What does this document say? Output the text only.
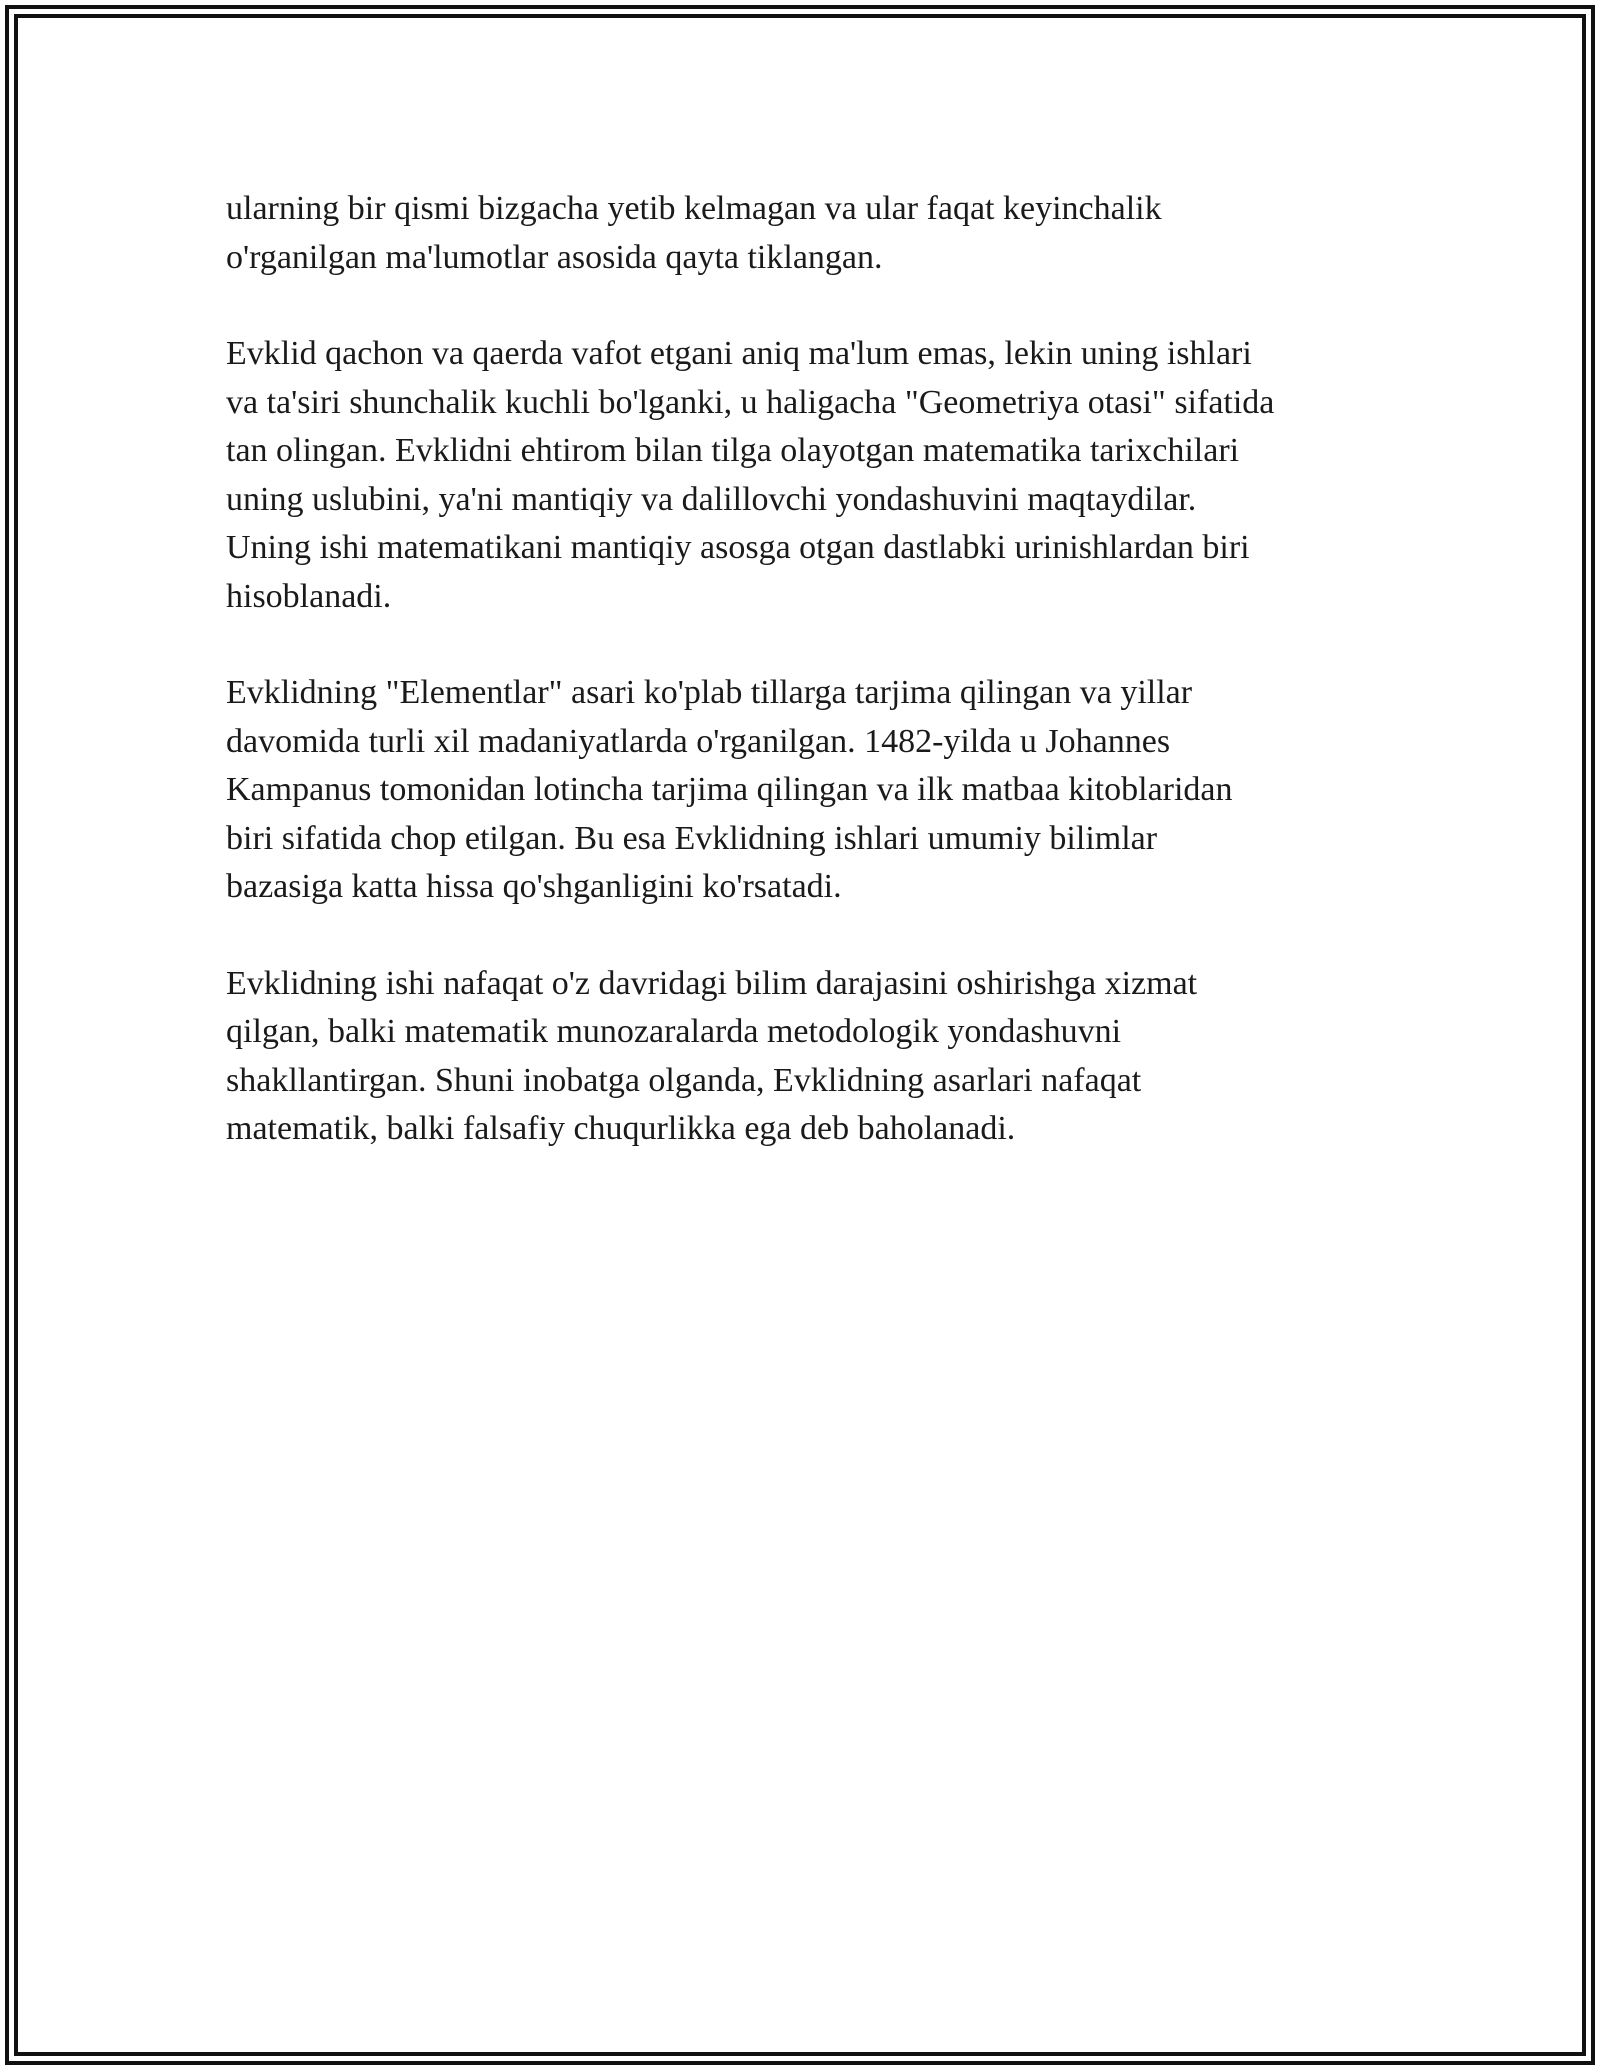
ularning bir qismi bizgacha yetib kelmagan va ular faqat keyinchalik
o'rganilgan ma'lumotlar asosida qayta tiklangan.

Evklid qachon va qaerda vafot etgani aniq ma'lum emas, lekin uning ishlari
va ta'siri shunchalik kuchli bo'lganki, u haligacha "Geometriya otasi" sifatida
tan olingan. Evklidni ehtirom bilan tilga olayotgan matematika tarixchilari
uning uslubini, ya'ni mantiqiy va dalillovchi yondashuvini maqtaydilar.
Uning ishi matematikani mantiqiy asosga otgan dastlabki urinishlardan biri
hisoblanadi.

Evklidning "Elementlar" asari ko'plab tillarga tarjima qilingan va yillar
davomida turli xil madaniyatlarda o'rganilgan. 1482-yilda u Johannes
Kampanus tomonidan lotincha tarjima qilingan va ilk matbaa kitoblaridan
biri sifatida chop etilgan. Bu esa Evklidning ishlari umumiy bilimlar
bazasiga katta hissa qo'shganligini ko'rsatadi.

Evklidning ishi nafaqat o'z davridagi bilim darajasini oshirishga xizmat
qilgan, balki matematik munozaralarda metodologik yondashuvni
shakllantirgan. Shuni inobatga olganda, Evklidning asarlari nafaqat
matematik, balki falsafiy chuqurlikka ega deb baholanadi.
